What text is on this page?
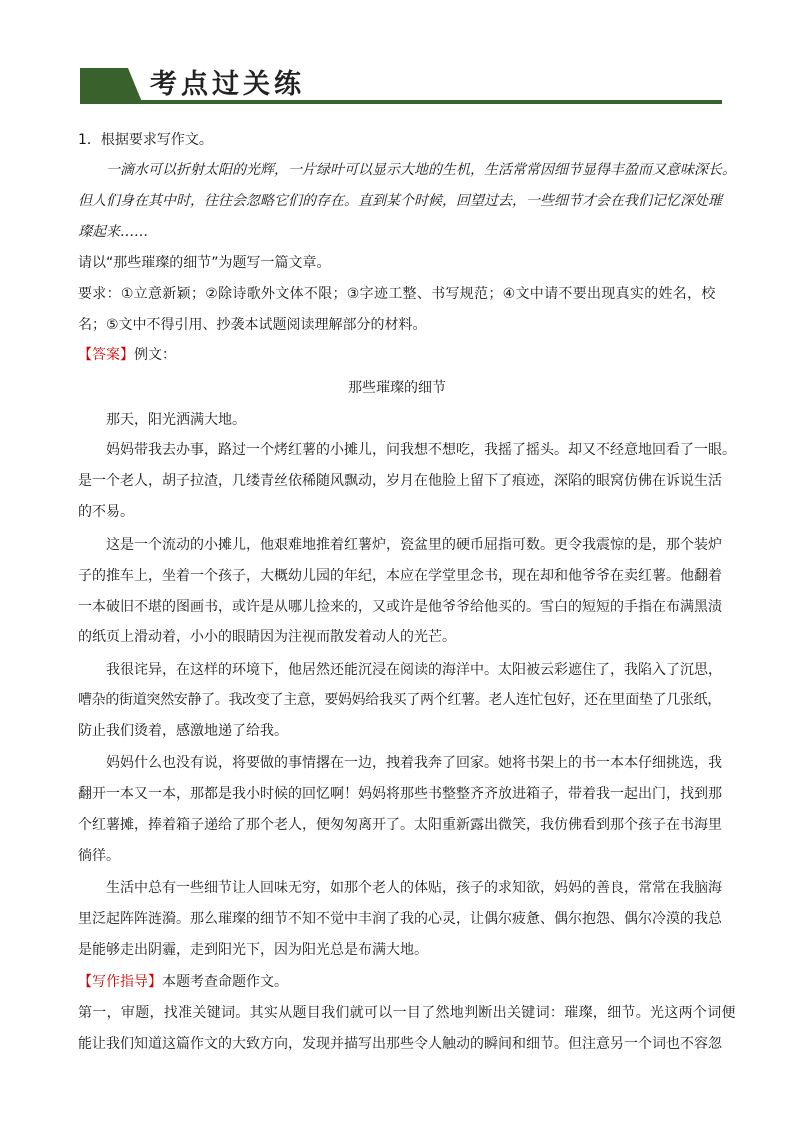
考点过关练
1．根据要求写作文。
一滴水可以折射太阳的光辉，一片绿叶可以显示大地的生机，生活常常因细节显得丰盈而又意味深长。
但人们身在其中时，往往会忽略它们的存在。直到某个时候，回望过去，一些细节才会在我们记忆深处璀
璨起来……
请以“那些璀璨的细节”为题写一篇文章。
要求：①立意新颖；②除诗歌外文体不限；③字迹工整、书写规范；④文中请不要出现真实的姓名，校
名；⑤文中不得引用、抄袭本试题阅读理解部分的材料。
【答案】例文：
那些璀璨的细节
那天，阳光洒满大地。
妈妈带我去办事，路过一个烤红薯的小摊儿，问我想不想吃，我摇了摇头。却又不经意地回看了一眼。
是一个老人，胡子拉渣，几缕青丝依稀随风飘动，岁月在他脸上留下了痕迹，深陷的眼窝仿佛在诉说生活
的不易。
这是一个流动的小摊儿，他艰难地推着红薯炉，瓷盆里的硬币屈指可数。更令我震惊的是，那个装炉
子的推车上，坐着一个孩子，大概幼儿园的年纪，本应在学堂里念书，现在却和他爷爷在卖红薯。他翻着
一本破旧不堪的图画书，或许是从哪儿捡来的，又或许是他爷爷给他买的。雪白的短短的手指在布满黑渍
的纸页上滑动着，小小的眼睛因为注视而散发着动人的光芒。
我很诧异，在这样的环境下，他居然还能沉浸在阅读的海洋中。太阳被云彩遮住了，我陷入了沉思，
嘈杂的街道突然安静了。我改变了主意，要妈妈给我买了两个红薯。老人连忙包好，还在里面垫了几张纸，
防止我们烫着，感激地递了给我。
妈妈什么也没有说，将要做的事情撂在一边，拽着我奔了回家。她将书架上的书一本本仔细挑选，我
翻开一本又一本，那都是我小时候的回忆啊！妈妈将那些书整整齐齐放进箱子，带着我一起出门，找到那
个红薯摊，捧着箱子递给了那个老人，便匆匆离开了。太阳重新露出微笑，我仿佛看到那个孩子在书海里
徜徉。
生活中总有一些细节让人回味无穷，如那个老人的体贴，孩子的求知欲，妈妈的善良，常常在我脑海
里泛起阵阵涟漪。那么璀璨的细节不知不觉中丰润了我的心灵，让偶尔疲惫、偶尔抱怨、偶尔冷漠的我总
是能够走出阴霾，走到阳光下，因为阳光总是布满大地。
【写作指导】本题考查命题作文。
第一，审题，找准关键词。其实从题目我们就可以一目了然地判断出关键词：璀璨，细节。光这两个词便
能让我们知道这篇作文的大致方向，发现并描写出那些令人触动的瞬间和细节。但注意另一个词也不容忽
